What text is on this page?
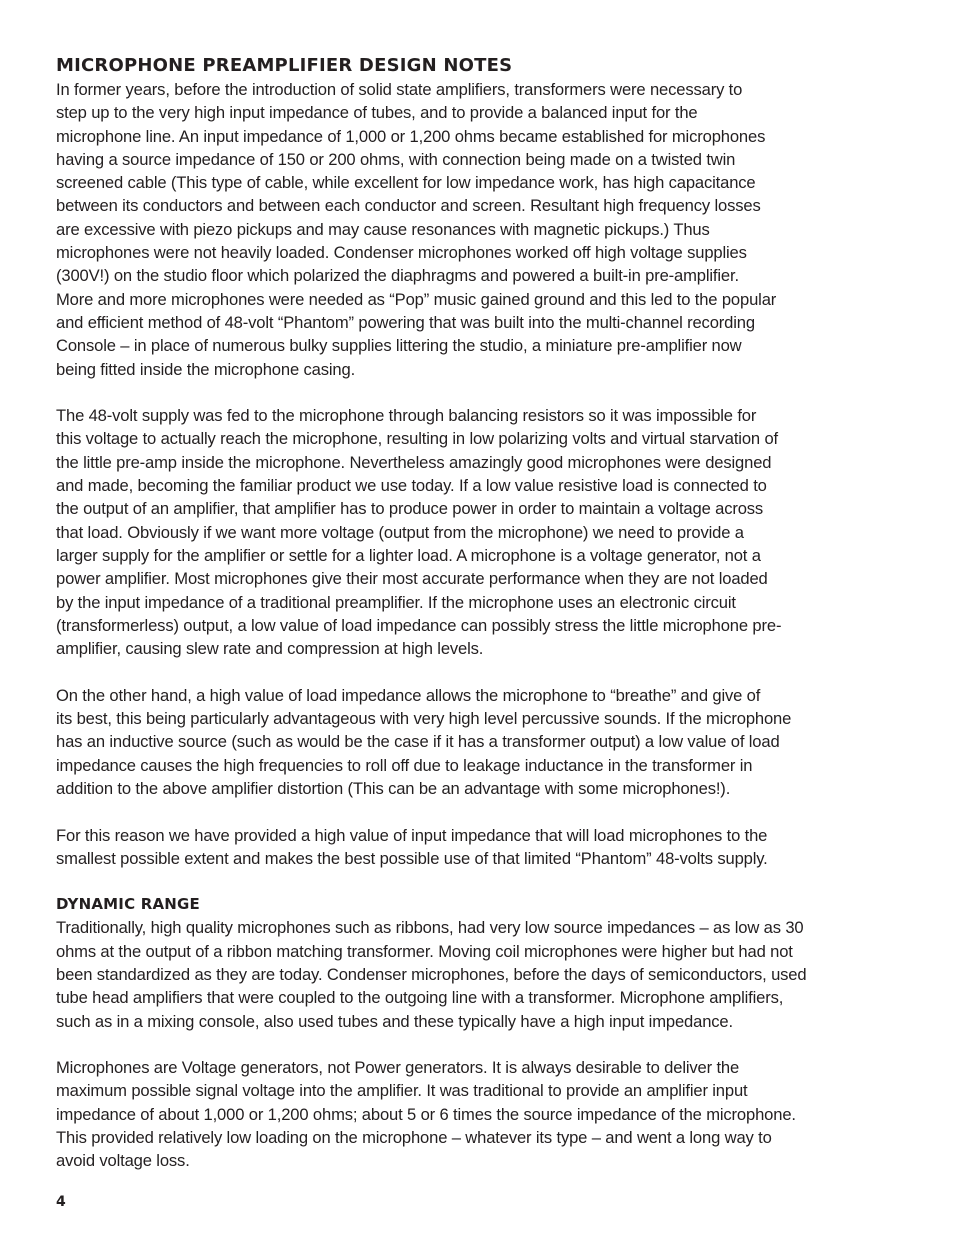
MICROPHONE PREAMPLIFIER DESIGN NOTES

In former years, before the introduction of solid state amplifiers, transformers were necessary to
step up to the very high input impedance of tubes, and to provide a balanced input for the
microphone line. An input impedance of 1,000 or 1,200 ohms became established for microphones
having a source impedance of 150 or 200 ohms, with connection being made on a twisted twin
screened cable (This type of cable, while excellent for low impedance work, has high capacitance
between its conductors and between each conductor and screen. Resultant high frequency losses
are excessive with piezo pickups and may cause resonances with magnetic pickups.) Thus
microphones were not heavily loaded. Condenser microphones worked off high voltage supplies
(300V!) on the studio floor which polarized the diaphragms and powered a built-in pre-amplifier.
More and more microphones were needed as “Pop” music gained ground and this led to the popular
and efficient method of 48-volt “Phantom” powering that was built into the multi-channel recording
Console – in place of numerous bulky supplies littering the studio, a miniature pre-amplifier now
being fitted inside the microphone casing.

The 48-volt supply was fed to the microphone through balancing resistors so it was impossible for
this voltage to actually reach the microphone, resulting in low polarizing volts and virtual starvation of
the little pre-amp inside the microphone. Nevertheless amazingly good microphones were designed
and made, becoming the familiar product we use today. If a low value resistive load is connected to
the output of an amplifier, that amplifier has to produce power in order to maintain a voltage across
that load. Obviously if we want more voltage (output from the microphone) we need to provide a
larger supply for the amplifier or settle for a lighter load. A microphone is a voltage generator, not a
power amplifier. Most microphones give their most accurate performance when they are not loaded
by the input impedance of a traditional preamplifier. If the microphone uses an electronic circuit
(transformerless) output, a low value of load impedance can possibly stress the little microphone pre-
amplifier, causing slew rate and compression at high levels.

On the other hand, a high value of load impedance allows the microphone to “breathe” and give of
its best, this being particularly advantageous with very high level percussive sounds. If the microphone
has an inductive source (such as would be the case if it has a transformer output) a low value of load
impedance causes the high frequencies to roll off due to leakage inductance in the transformer in
addition to the above amplifier distortion (This can be an advantage with some microphones!).

For this reason we have provided a high value of input impedance that will load microphones to the
smallest possible extent and makes the best possible use of that limited “Phantom” 48-volts supply.

DYNAMIC RANGE

Traditionally, high quality microphones such as ribbons, had very low source impedances – as low as 30
ohms at the output of a ribbon matching transformer. Moving coil microphones were higher but had not
been standardized as they are today. Condenser microphones, before the days of semiconductors, used
tube head amplifiers that were coupled to the outgoing line with a transformer. Microphone amplifiers,
such as in a mixing console, also used tubes and these typically have a high input impedance.

Microphones are Voltage generators, not Power generators. It is always desirable to deliver the
maximum possible signal voltage into the amplifier. It was traditional to provide an amplifier input
impedance of about 1,000 or 1,200 ohms; about 5 or 6 times the source impedance of the microphone.
This provided relatively low loading on the microphone – whatever its type – and went a long way to
avoid voltage loss.

4
